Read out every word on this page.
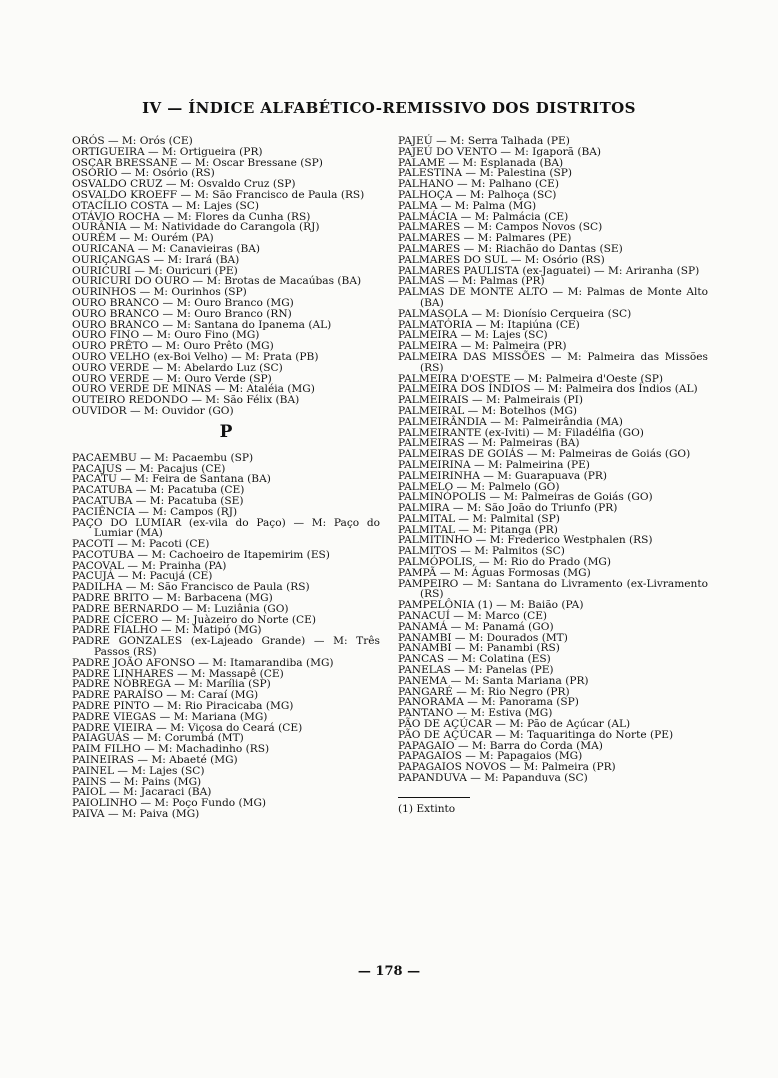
IV — ÍNDICE ALFABÉTICO-REMISSIVO DOS DISTRITOS
ORÓS — M: Orós (CE)
ORTIGUEIRA — M: Ortigueira (PR)
OSCAR BRESSANE — M: Oscar Bressane (SP)
OSÓRIO — M: Osório (RS)
OSVALDO CRUZ — M: Osvaldo Cruz (SP)
OSVALDO KROEFF — M: São Francisco de Paula (RS)
OTACÍLIO COSTA — M: Lajes (SC)
OTÁVIO ROCHA — M: Flores da Cunha (RS)
OURÂNIA — M: Natividade do Carangola (RJ)
OURÉM — M: Ourém (PA)
OURICANA — M: Canavieiras (BA)
OURIÇANGAS — M: Irará (BA)
OURICURI — M: Ouricuri (PE)
OURICURI DO OURO — M: Brotas de Macaúbas (BA)
OURINHOS — M: Ourinhos (SP)
OURO BRANCO — M: Ouro Branco (MG)
OURO BRANCO — M: Ouro Branco (RN)
OURO BRANCO — M: Santana do Ipanema (AL)
OURO FINO — M: Ouro Fino (MG)
OURO PRÊTO — M: Ouro Prêto (MG)
OURO VELHO (ex-Boi Velho) — M: Prata (PB)
OURO VERDE — M: Abelardo Luz (SC)
OURO VERDE — M: Ouro Verde (SP)
OURO VERDE DE MINAS — M: Ataléia (MG)
OUTEIRO REDONDO — M: São Félix (BA)
OUVIDOR — M: Ouvidor (GO)
P
PACAEMBU — M: Pacaembu (SP)
PACAJUS — M: Pacajus (CE)
PACATU — M: Feira de Santana (BA)
PACATUBA — M: Pacatuba (CE)
PACATUBA — M: Pacatuba (SE)
PACIÊNCIA — M: Campos (RJ)
PAÇO DO LUMIAR (ex-vila do Paço) — M: Paço do Lumiar (MA)
PACOTI — M: Pacoti (CE)
PACOTUBA — M: Cachoeiro de Itapemirim (ES)
PACOVAL — M: Prainha (PA)
PACUJÁ — M: Pacujá (CE)
PADILHA — M: São Francisco de Paula (RS)
PADRE BRITO — M: Barbacena (MG)
PADRE BERNARDO — M: Luziânia (GO)
PADRE CÍCERO — M: Juàzeiro do Norte (CE)
PADRE FIALHO — M: Matipó (MG)
PADRE GONZALES (ex-Lajeado Grande) — M: Três Passos (RS)
PADRE JOÃO AFONSO — M: Itamarandiba (MG)
PADRE LINHARES — M: Massapê (CE)
PADRE NÓBREGA — M: Marília (SP)
PADRE PARAÍSO — M: Caraí (MG)
PADRE PINTO — M: Rio Piracicaba (MG)
PADRE VIEGAS — M: Mariana (MG)
PADRE VIEIRA — M: Viçosa do Ceará (CE)
PAIAGUÁS — M: Corumbá (MT)
PAIM FILHO — M: Machadinho (RS)
PAINEIRAS — M: Abaeté (MG)
PAINEL — M: Lajes (SC)
PAINS — M: Pains (MG)
PAIOL — M: Jacaraci (BA)
PAIOLINHO — M: Poço Fundo (MG)
PAIVA — M: Paiva (MG)
PAJEÚ — M: Serra Talhada (PE)
PAJEÚ DO VENTO — M: Igaporã (BA)
PALAME — M: Esplanada (BA)
PALESTINA — M: Palestina (SP)
PALHANO — M: Palhano (CE)
PALHOÇA — M: Palhoça (SC)
PALMA — M: Palma (MG)
PALMÁCIA — M: Palmácia (CE)
PALMARES — M: Campos Novos (SC)
PALMARES — M: Palmares (PE)
PALMARES — M: Riachão do Dantas (SE)
PALMARES DO SUL — M: Osório (RS)
PALMARES PAULISTA (ex-Jaguatei) — M: Ariranha (SP)
PALMAS — M: Palmas (PR)
PALMAS DE MONTE ALTO — M: Palmas de Monte Alto (BA)
PALMASOLA — M: Dionísio Cerqueira (SC)
PALMATÓRIA — M: Itapiúna (CE)
PALMEIRA — M: Lajes (SC)
PALMEIRA — M: Palmeira (PR)
PALMEIRA DAS MISSÕES — M: Palmeira das Missões (RS)
PALMEIRA D'OESTE — M: Palmeira d'Oeste (SP)
PALMEIRA DOS ÍNDIOS — M: Palmeira dos Índios (AL)
PALMEIRAIS — M: Palmeirais (PI)
PALMEIRAL — M: Botelhos (MG)
PALMEIRÂNDIA — M: Palmeirândia (MA)
PALMEIRANTE (ex-Iviti) — M: Filadélfia (GO)
PALMEIRAS — M: Palmeiras (BA)
PALMEIRAS DE GOIÁS — M: Palmeiras de Goiás (GO)
PALMEIRINA — M: Palmeirina (PE)
PALMEIRINHA — M: Guarapuava (PR)
PALMELO — M: Palmelo (GO)
PALMINÓPOLIS — M: Palmeiras de Goiás (GO)
PALMIRA — M: São João do Triunfo (PR)
PALMITAL — M: Palmital (SP)
PALMITAL — M: Pitanga (PR)
PALMITINHO — M: Frederico Westphalen (RS)
PALMITOS — M: Palmitos (SC)
PALMÓPOLIS, — M: Rio do Prado (MG)
PAMPÃ — M: Águas Formosas (MG)
PAMPEIRO — M: Santana do Livramento (ex-Livramento (RS)
PAMPELÔNIA (1) — M: Baião (PA)
PANACUÍ — M: Marco (CE)
PANAMÁ — M: Panamá (GO)
PANAMBI — M: Dourados (MT)
PANAMBI — M: Panambi (RS)
PANCAS — M: Colatina (ES)
PANELAS — M: Panelas (PE)
PANEMA — M: Santa Mariana (PR)
PANGARÉ — M: Rio Negro (PR)
PANORAMA — M: Panorama (SP)
PANTANO — M: Estiva (MG)
PÃO DE AÇÚCAR — M: Pão de Açúcar (AL)
PÃO DE AÇÚCAR — M: Taquaritinga do Norte (PE)
PAPAGAIO — M: Barra do Corda (MA)
PAPAGAIOS — M: Papagaios (MG)
PAPAGAIOS NOVOS — M: Palmeira (PR)
PAPANDUVA — M: Papanduva (SC)
(1) Extinto
— 178 —
